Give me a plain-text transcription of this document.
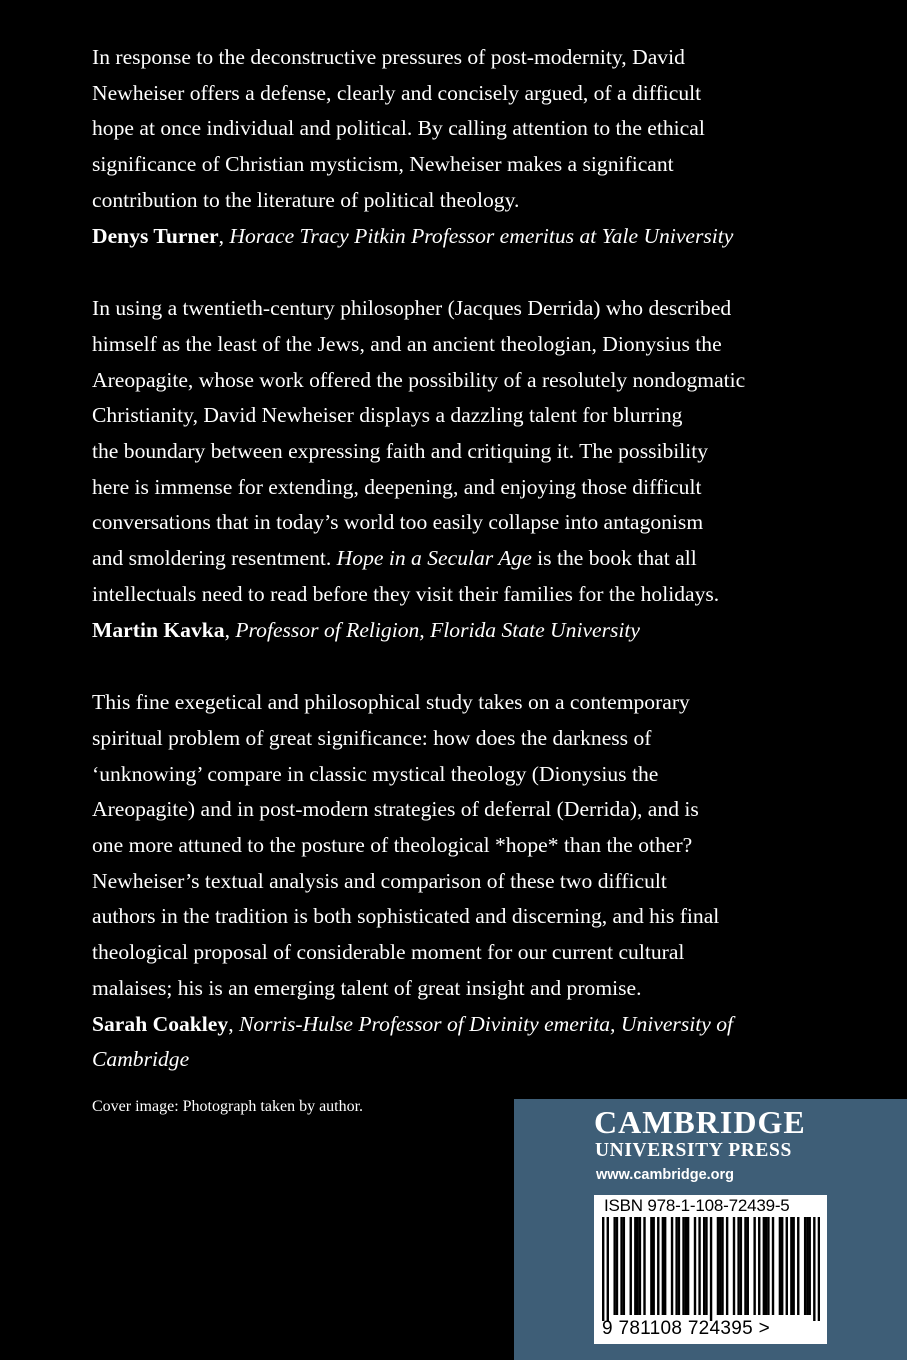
In response to the deconstructive pressures of post-modernity, David
Newheiser offers a defense, clearly and concisely argued, of a difficult
hope at once individual and political. By calling attention to the ethical
significance of Christian mysticism, Newheiser makes a significant
contribution to the literature of political theology.
Denys Turner, Horace Tracy Pitkin Professor emeritus at Yale University
In using a twentieth-century philosopher (Jacques Derrida) who described
himself as the least of the Jews, and an ancient theologian, Dionysius the
Areopagite, whose work offered the possibility of a resolutely nondogmatic
Christianity, David Newheiser displays a dazzling talent for blurring
the boundary between expressing faith and critiquing it. The possibility
here is immense for extending, deepening, and enjoying those difficult
conversations that in today’s world too easily collapse into antagonism
and smoldering resentment. Hope in a Secular Age is the book that all
intellectuals need to read before they visit their families for the holidays.
Martin Kavka, Professor of Religion, Florida State University
This fine exegetical and philosophical study takes on a contemporary
spiritual problem of great significance: how does the darkness of
‘unknowing’ compare in classic mystical theology (Dionysius the
Areopagite) and in post-modern strategies of deferral (Derrida), and is
one more attuned to the posture of theological *hope* than the other?
Newheiser’s textual analysis and comparison of these two difficult
authors in the tradition is both sophisticated and discerning, and his final
theological proposal of considerable moment for our current cultural
malaises; his is an emerging talent of great insight and promise.
Sarah Coakley, Norris-Hulse Professor of Divinity emerita, University of
Cambridge
Cover image: Photograph taken by author.	CAMBRIDGE
UNIVERSITY PRESS
www.cambridge.org
ISBN 978-1-108-72439-5
9 781108 724395 >
